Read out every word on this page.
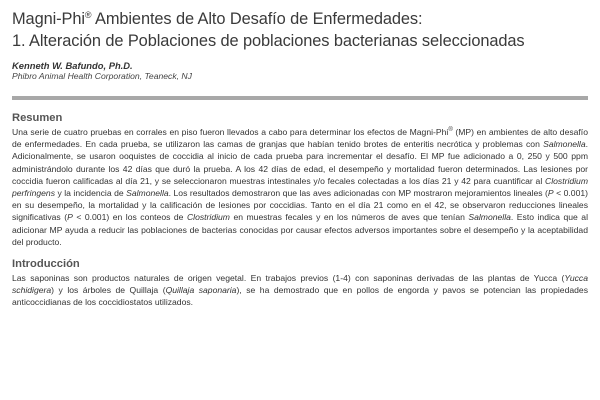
Magni-Phi® Ambientes de Alto Desafío de Enfermedades:
1. Alteración de Poblaciones de poblaciones bacterianas seleccionadas
Kenneth W. Bafundo, Ph.D.
Phibro Animal Health Corporation, Teaneck, NJ
Resumen

Una serie de cuatro pruebas en corrales en piso fueron llevados a cabo para determinar los efectos de Magni-Phi® (MP) en ambientes de alto desafío de enfermedades. En cada prueba, se utilizaron las camas de granjas que habían tenido brotes de enteritis necrótica y problemas con Salmonella. Adicionalmente, se usaron ooquistes de coccidia al inicio de cada prueba para incrementar el desafío. El MP fue adicionado a 0, 250 y 500 ppm administrándolo durante los 42 días que duró la prueba. A los 42 días de edad, el desempeño y mortalidad fueron determinados. Las lesiones por coccidia fueron calificadas al día 21, y se seleccionaron muestras intestinales y/o fecales colectadas a los días 21 y 42 para cuantificar al Clostridium perfringens y la incidencia de Salmonella. Los resultados demostraron que las aves adicionadas con MP mostraron mejoramientos lineales (P < 0.001) en su desempeño, la mortalidad y la calificación de lesiones por coccidias. Tanto en el día 21 como en el 42, se observaron reducciones lineales significativas (P < 0.001) en los conteos de Clostridium en muestras fecales y en los números de aves que tenían Salmonella. Esto indica que al adicionar MP ayuda a reducir las poblaciones de bacterias conocidas por causar efectos adversos importantes sobre el desempeño y la aceptabilidad del producto.

Introducción

Las saponinas son productos naturales de origen vegetal. En trabajos previos (1-4) con saponinas derivadas de las plantas de Yucca (Yucca schidigera) y los árboles de Quillaja (Quillaja saponaria), se ha demostrado que en pollos de engorda y pavos se potencian las propiedades anticoccidianas de los coccidiostatos utilizados.
